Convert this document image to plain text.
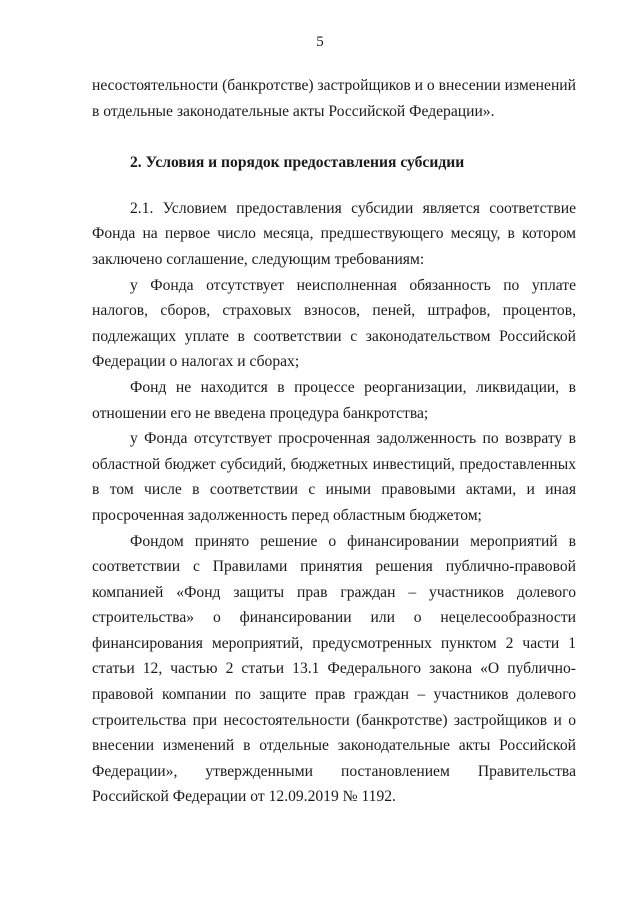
5

несостоятельности (банкротстве) застройщиков и о внесении изменений в отдельные законодательные акты Российской Федерации».

2. Условия и порядок предоставления субсидии

2.1. Условием предоставления субсидии является соответствие Фонда на первое число месяца, предшествующего месяцу, в котором заключено соглашение, следующим требованиям:

у Фонда отсутствует неисполненная обязанность по уплате налогов, сборов, страховых взносов, пеней, штрафов, процентов, подлежащих уплате в соответствии с законодательством Российской Федерации о налогах и сборах;

Фонд не находится в процессе реорганизации, ликвидации, в отношении его не введена процедура банкротства;

у Фонда отсутствует просроченная задолженность по возврату в областной бюджет субсидий, бюджетных инвестиций, предоставленных в том числе в соответствии с иными правовыми актами, и иная просроченная задолженность перед областным бюджетом;

Фондом принято решение о финансировании мероприятий в соответствии с Правилами принятия решения публично-правовой компанией «Фонд защиты прав граждан – участников долевого строительства» о финансировании или о нецелесообразности финансирования мероприятий, предусмотренных пунктом 2 части 1 статьи 12, частью 2 статьи 13.1 Федерального закона «О публично-правовой компании по защите прав граждан – участников долевого строительства при несостоятельности (банкротстве) застройщиков и о внесении изменений в отдельные законодательные акты Российской Федерации», утвержденными постановлением Правительства Российской Федерации от 12.09.2019 № 1192.
